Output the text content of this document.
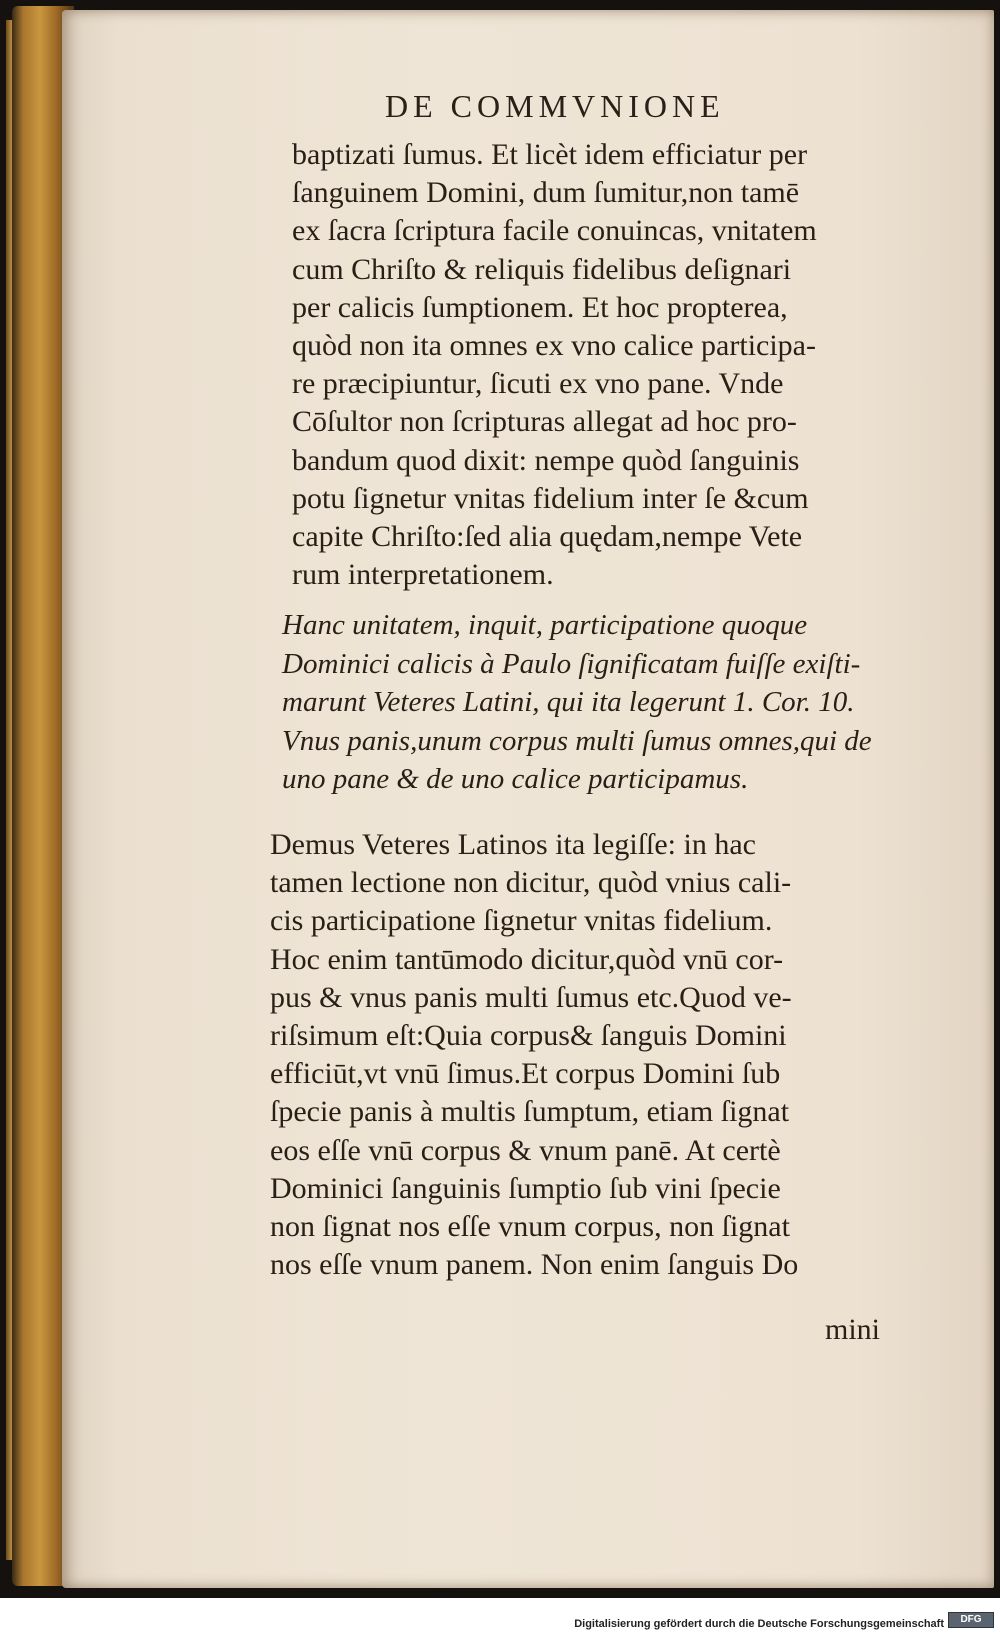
DE COMMVNIONE
baptizati ſumus. Et licèt idem efficiatur per
ſanguinem Domini, dum ſumitur,non tamē
ex ſacra ſcriptura facile conuincas, vnitatem
cum Chriſto & reliquis fidelibus deſignari
per calicis ſumptionem. Et hoc propterea,
quòd non ita omnes ex vno calice participa-
re præcipiuntur, ſicuti ex vno pane. Vnde
Cōſultor non ſcripturas allegat ad hoc pro-
bandum quod dixit: nempe quòd ſanguinis
potu ſignetur vnitas fidelium inter ſe &cum
capite Chriſto:ſed alia quędam,nempe Vete
rum interpretationem.
Hanc unitatem, inquit, participatione quoque
Dominici calicis à Paulo ſignificatam fuiſſe exiſti-
marunt Veteres Latini, qui ita legerunt 1. Cor. 10.
Vnus panis,unum corpus multi ſumus omnes,qui de
uno pane & de uno calice participamus.
Demus Veteres Latinos ita legiſſe: in hac
tamen lectione non dicitur, quòd vnius cali-
cis participatione ſignetur vnitas fidelium.
Hoc enim tantūmodo dicitur,quòd vnū cor-
pus & vnus panis multi ſumus etc.Quod ve-
riſsimum eſt:Quia corpus& ſanguis Domini
efficiūt,vt vnū ſimus.Et corpus Domini ſub
ſpecie panis à multis ſumptum, etiam ſignat
eos eſſe vnū corpus & vnum panē. At certè
Dominici ſanguinis ſumptio ſub vini ſpecie
non ſignat nos eſſe vnum corpus, non ſignat
nos eſſe vnum panem. Non enim ſanguis Do
mini
Digitalisierung gefördert durch die Deutsche Forschungsgemeinschaft	DFG
